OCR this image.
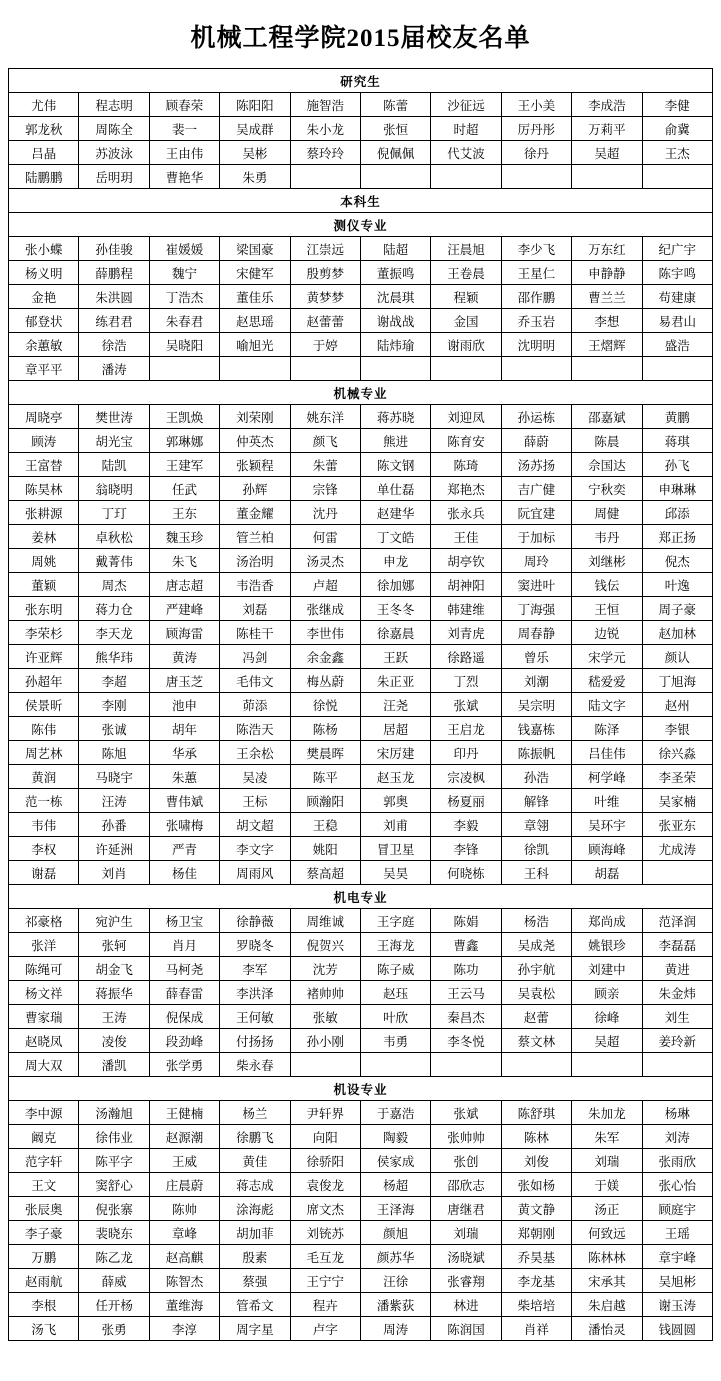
机械工程学院2015届校友名单
研究生									
尤伟	程志明	顾春荣	陈阳阳	施智浩	陈蕾	沙征远	王小美	李成浩	李健
郭龙秋	周陈全	裴一	吴成群	朱小龙	张恒	时超	厉丹彤	万莉平	俞冀
吕晶	苏波泳	王由伟	吴彬	蔡玲玲	倪佩佩	代艾波	徐丹	吴超	王杰
陆鹏鹏	岳明玥	曹艳华	朱勇						
本科生									
测仪专业									
张小蝶	孙佳骏	崔媛媛	梁国豪	江崇远	陆超	汪晨旭	李少飞	万东红	纪广宇
杨义明	薛鹏程	魏宁	宋健军	殷剪梦	董振鸣	王卷晨	王星仁	申静静	陈宇鸣
金艳	朱洪圆	丁浩杰	董佳乐	黄梦梦	沈晨琪	程颖	邵作鹏	曹兰兰	苟建康
郁登状	练君君	朱春君	赵思瑶	赵蕾蕾	谢战战	金国	乔玉岩	李想	易君山
余蕙敏	徐浩	吴晓阳	喻旭光	于婷	陆炜瑜	谢雨欣	沈明明	王熠辉	盛浩
章平平	潘涛								
机械专业									
周晓亭	樊世涛	王凯焕	刘荣刚	姚东洋	蒋苏晓	刘迎凤	孙运栋	邵嘉斌	黄鹏
顾涛	胡光宝	郭琳娜	仲英杰	颜飞	熊进	陈育安	薛蔚	陈晨	蒋琪
王富替	陆凯	王建军	张颖程	朱蕾	陈文钢	陈琦	汤苏扬	佘国达	孙飞
陈昊林	翁晓明	任武	孙辉	宗锋	单仕磊	郑艳杰	吉广健	宁秋奕	申琳琳
张耕源	丁玎	王东	董金耀	沈丹	赵建华	张永兵	阮宜建	周健	邱添
姜林	卓秋松	魏玉珍	管兰柏	何雷	丁文皓	王佳	于加标	韦丹	郑正扬
周姚	戴菁伟	朱飞	汤治明	汤灵杰	申龙	胡亭钦	周玲	刘继彬	倪杰
董颖	周杰	唐志超	韦浩香	卢超	徐加娜	胡神阳	窦进叶	钱伝	叶逸
张东明	蒋力仓	严建峰	刘磊	张继成	王冬冬	韩建维	丁海强	王恒	周子豪
李荣杉	李天龙	顾海雷	陈桂干	李世伟	徐嘉晨	刘青虎	周春静	边锐	赵加林
许亚辉	熊华玮	黄涛	冯剑	余金鑫	王跃	徐路遥	曾乐	宋学元	颜认
孙超年	李超	唐玉芝	毛伟文	梅丛蔚	朱正亚	丁烈	刘潮	嵇爱爱	丁旭海
侯景昕	李刚	池申	茆添	徐悦	汪尧	张斌	吴宗明	陆文字	赵州
陈伟	张诚	胡年	陈浩天	陈杨	居超	王启龙	钱嘉栋	陈泽	李银
周艺林	陈旭	华承	王余松	樊晨晖	宋厉建	印丹	陈振帆	吕佳伟	徐兴淼
黄润	马晓宇	朱蕙	吴凌	陈平	赵玉龙	宗凌枫	孙浩	柯学峰	李圣荣
范一栋	汪涛	曹伟斌	王标	顾瀚阳	郭奥	杨夏丽	解锋	叶维	吴家楠
韦伟	孙番	张啸梅	胡文超	王稳	刘甫	李毅	章翎	吴环宇	张亚东
李权	许延洲	严青	李文字	姚阳	冒卫星	李锋	徐凯	顾海峰	尤成涛
谢磊	刘肖	杨佳	周雨风	蔡高超	吴昊	何晓栋	王科	胡磊	
机电专业									
祁豪格	宛沪生	杨卫宝	徐静薇	周维诚	王字庭	陈娟	杨浩	郑尚成	范泽润
张洋	张轲	肖月	罗晓冬	倪贺兴	王海龙	曹鑫	吴成尧	姚银珍	李磊磊
陈绳可	胡金飞	马柯尧	李军	沈芳	陈子威	陈功	孙宇航	刘建中	黄进
杨文祥	蒋振华	薛春雷	李洪泽	褚帅帅	赵珏	王云马	吴袁松	顾亲	朱金炜
曹家瑞	王涛	倪保成	王何敏	张敏	叶欣	秦昌杰	赵蕾	徐峰	刘生
赵晓凤	凌俊	段劲峰	付扬扬	孙小刚	韦勇	李冬悦	蔡文林	吴超	姜玲新
周大双	潘凯	张学勇	柴永春						
机设专业									
李中源	汤瀚旭	王健楠	杨兰	尹轩界	于嘉浩	张斌	陈舒琪	朱加龙	杨琳
阚克	徐伟业	赵源潮	徐鹏飞	向阳	陶毅	张帅帅	陈林	朱军	刘涛
范字轩	陈平字	王威	黄佳	徐骄阳	侯家成	张创	刘俊	刘瑞	张雨欣
王文	窦舒心	庄晨蔚	蒋志成	袁俊龙	杨超	邵欣志	张如杨	于媄	张心怡
张辰奥	倪张寨	陈帅	涂海彪	席文杰	王泽海	唐继君	黄文静	汤正	顾庭宇
李子豪	裴晓东	章峰	胡加菲	刘铳苏	颜旭	刘瑞	郑朝刚	何致远	王瑶
万鹏	陈乙龙	赵高麒	殷素	毛互龙	颜苏华	汤晓斌	乔昊基	陈林林	章宇峰
赵雨航	薛威	陈智杰	蔡强	王宁宁	汪徐	张睿翔	李龙基	宋承其	吴旭彬
李根	任开杨	董维海	管希文	程卉	潘紫荻	林进	柴培培	朱启越	谢玉涛
汤飞	张勇	李淳	周字星	卢字	周涛	陈润国	肖祥	潘怡灵	钱圆圆
